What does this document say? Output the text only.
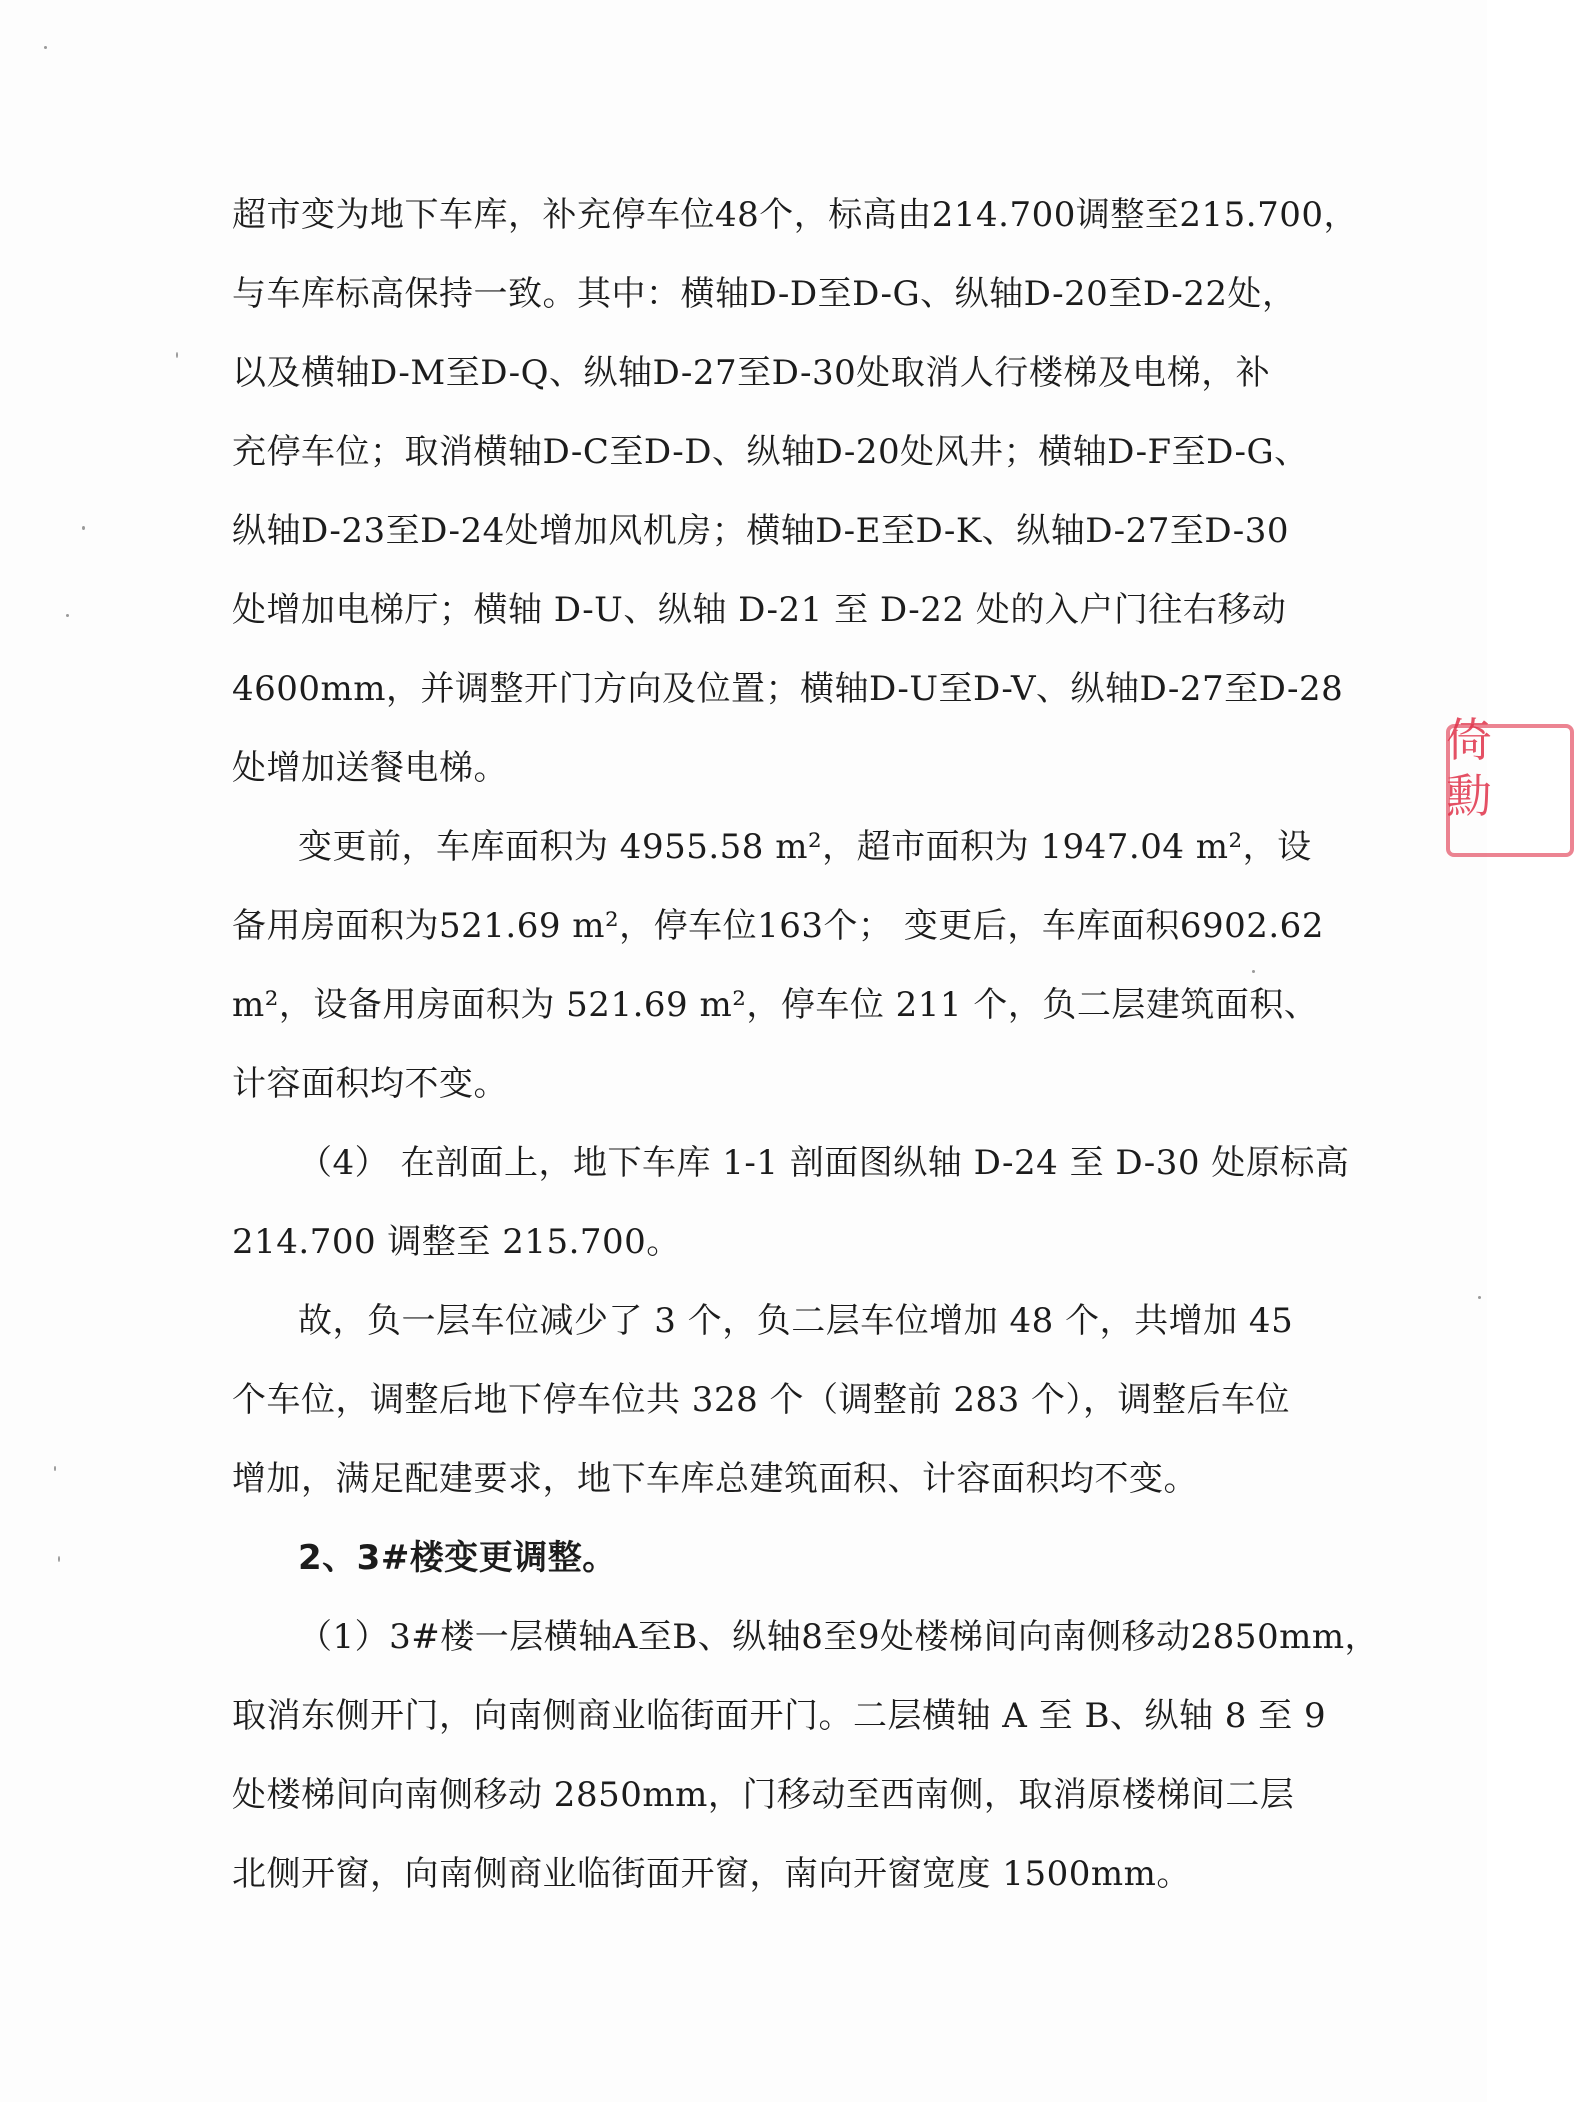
超市变为地下车库，补充停车位48个，标高由214.700调整至215.700，
与车库标高保持一致。其中：横轴D-D至D-G、纵轴D-20至D-22处，
以及横轴D-M至D-Q、纵轴D-27至D-30处取消人行楼梯及电梯，补
充停车位；取消横轴D-C至D-D、纵轴D-20处风井；横轴D-F至D-G、
纵轴D-23至D-24处增加风机房；横轴D-E至D-K、纵轴D-27至D-30
处增加电梯厅；横轴 D-U、纵轴 D-21 至 D-22 处的入户门往右移动
4600mm，并调整开门方向及位置；横轴D-U至D-V、纵轴D-27至D-28
处增加送餐电梯。
变更前，车库面积为 4955.58 m²，超市面积为 1947.04 m²，设
备用房面积为521.69 m²，停车位163个； 变更后，车库面积6902.62
m²，设备用房面积为 521.69 m²，停车位 211 个，负二层建筑面积、
计容面积均不变。
（4） 在剖面上，地下车库 1-1 剖面图纵轴 D-24 至 D-30 处原标高
214.700 调整至 215.700。
故，负一层车位减少了 3 个，负二层车位增加 48 个，共增加 45
个车位，调整后地下停车位共 328 个（调整前 283 个），调整后车位
增加，满足配建要求，地下车库总建筑面积、计容面积均不变。
2、3#楼变更调整。
（1）3#楼一层横轴A至B、纵轴8至9处楼梯间向南侧移动2850mm，
取消东侧开门，向南侧商业临街面开门。二层横轴 A 至 B、纵轴 8 至 9
处楼梯间向南侧移动 2850mm，门移动至西南侧，取消原楼梯间二层
北侧开窗，向南侧商业临街面开窗，南向开窗宽度 1500mm。
倚
勳
